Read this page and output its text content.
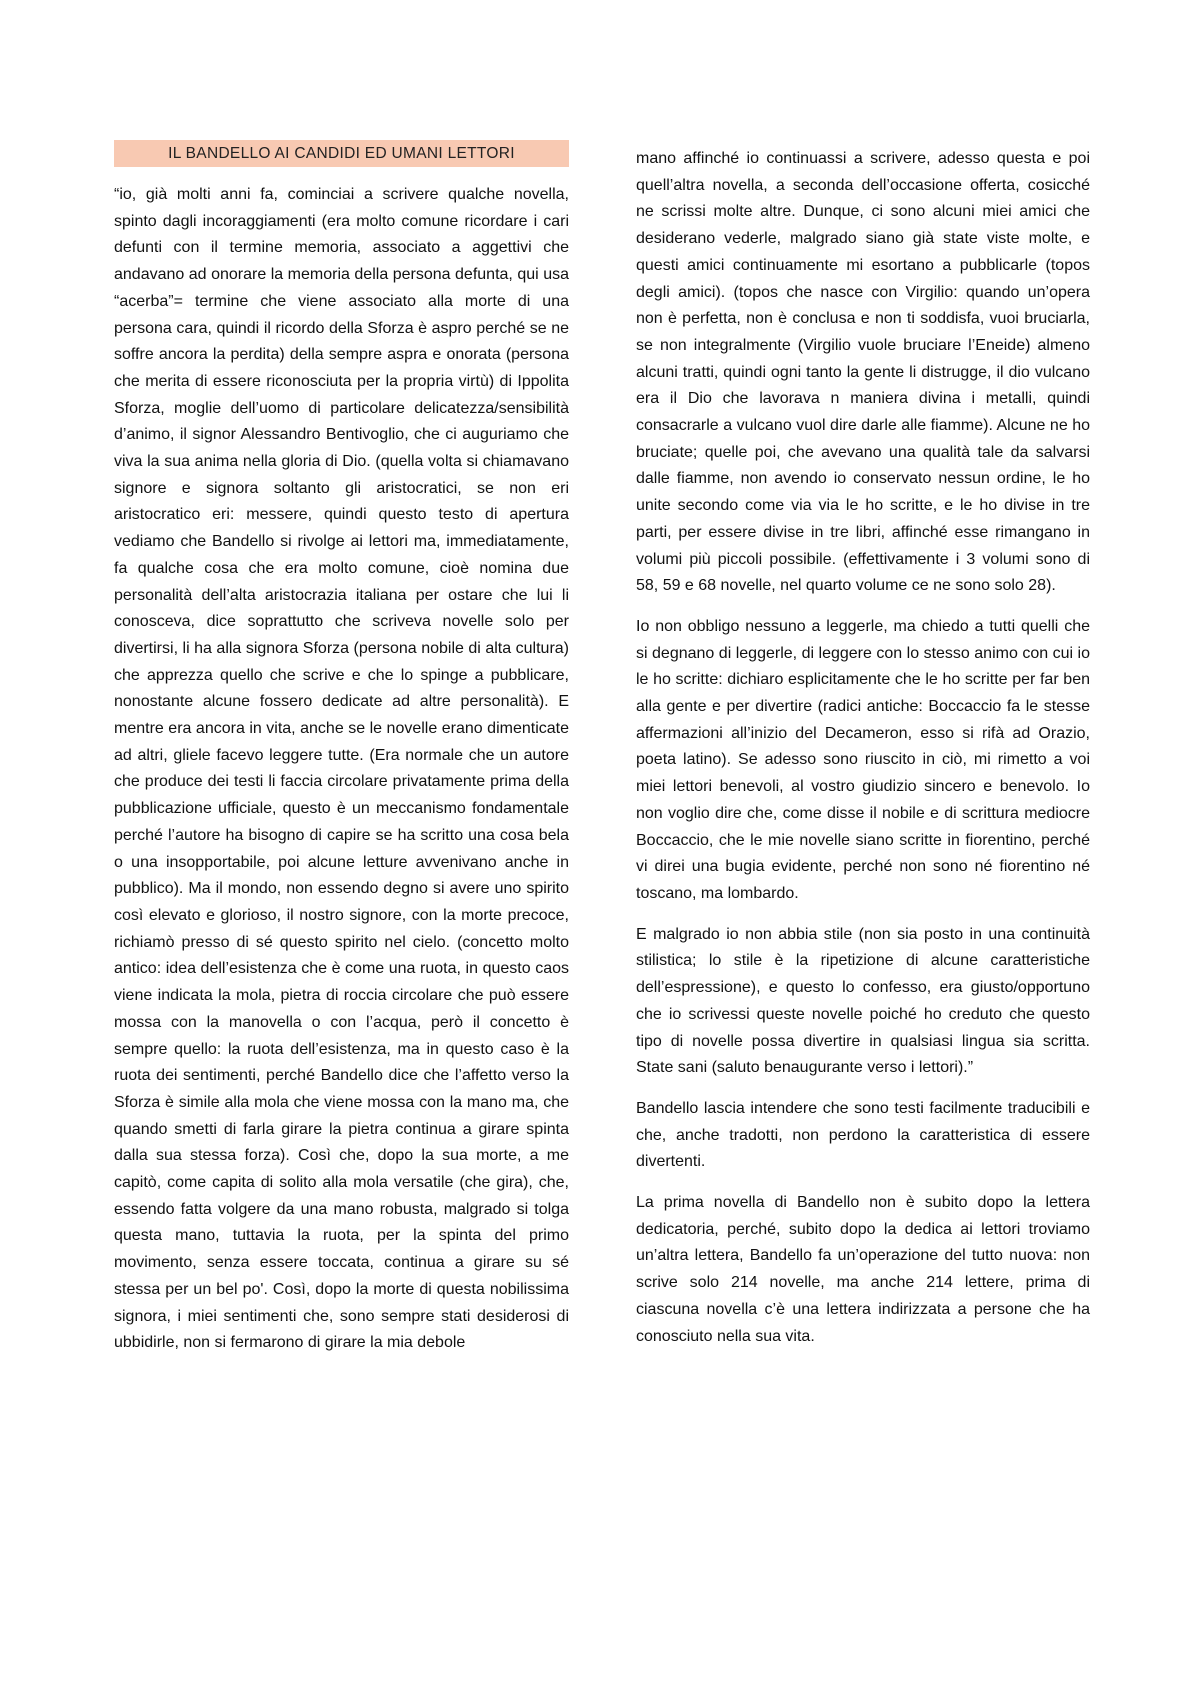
IL BANDELLO AI CANDIDI ED UMANI LETTORI

“io, già molti anni fa, cominciai a scrivere qualche novella, spinto dagli incoraggiamenti (era molto comune ricordare i cari defunti con il termine memoria, associato a aggettivi che andavano ad onorare la memoria della persona defunta, qui usa “acerba”= termine che viene associato alla morte di una persona cara, quindi il ricordo della Sforza è aspro perché se ne soffre ancora la perdita) della sempre aspra e onorata (persona che merita di essere riconosciuta per la propria virtù) di Ippolita Sforza, moglie dell’uomo di particolare delicatezza/sensibilità d’animo, il signor Alessandro Bentivoglio, che ci auguriamo che viva la sua anima nella gloria di Dio. (quella volta si chiamavano signore e signora soltanto gli aristocratici, se non eri aristocratico eri: messere, quindi questo testo di apertura vediamo che Bandello si rivolge ai lettori ma, immediatamente, fa qualche cosa che era molto comune, cioè nomina due personalità dell’alta aristocrazia italiana per ostare che lui li conosceva, dice soprattutto che scriveva novelle solo per divertirsi, li ha alla signora Sforza (persona nobile di alta cultura) che apprezza quello che scrive e che lo spinge a pubblicare, nonostante alcune fossero dedicate ad altre personalità). E mentre era ancora in vita, anche se le novelle erano dimenticate ad altri, gliele facevo leggere tutte. (Era normale che un autore che produce dei testi li faccia circolare privatamente prima della pubblicazione ufficiale, questo è un meccanismo fondamentale perché l’autore ha bisogno di capire se ha scritto una cosa bela o una insopportabile, poi alcune letture avvenivano anche in pubblico). Ma il mondo, non essendo degno si avere uno spirito così elevato e glorioso, il nostro signore, con la morte precoce, richiamò presso di sé questo spirito nel cielo. (concetto molto antico: idea dell’esistenza che è come una ruota, in questo caos viene indicata la mola, pietra di roccia circolare che può essere mossa con la manovella o con l’acqua, però il concetto è sempre quello: la ruota dell’esistenza, ma in questo caso è la ruota dei sentimenti, perché Bandello dice che l’affetto verso la Sforza è simile alla mola che viene mossa con la mano ma, che quando smetti di farla girare la pietra continua a girare spinta dalla sua stessa forza). Così che, dopo la sua morte, a me capitò, come capita di solito alla mola versatile (che gira), che, essendo fatta volgere da una mano robusta, malgrado si tolga questa mano, tuttavia la ruota, per la spinta del primo movimento, senza essere toccata, continua a girare su sé stessa per un bel po'. Così, dopo la morte di questa nobilissima signora, i miei sentimenti che, sono sempre stati desiderosi di ubbidirle, non si fermarono di girare la mia debole

mano affinché io continuassi a scrivere, adesso questa e poi quell’altra novella, a seconda dell’occasione offerta, cosicché ne scrissi molte altre. Dunque, ci sono alcuni miei amici che desiderano vederle, malgrado siano già state viste molte, e questi amici continuamente mi esortano a pubblicarle (topos degli amici). (topos che nasce con Virgilio: quando un’opera non è perfetta, non è conclusa e non ti soddisfa, vuoi bruciarla, se non integralmente (Virgilio vuole bruciare l’Eneide) almeno alcuni tratti, quindi ogni tanto la gente li distrugge, il dio vulcano era il Dio che lavorava n maniera divina i metalli, quindi consacrarle a vulcano vuol dire darle alle fiamme). Alcune ne ho bruciate; quelle poi, che avevano una qualità tale da salvarsi dalle fiamme, non avendo io conservato nessun ordine, le ho unite secondo come via via le ho scritte, e le ho divise in tre parti, per essere divise in tre libri, affinché esse rimangano in volumi più piccoli possibile. (effettivamente i 3 volumi sono di 58, 59 e 68 novelle, nel quarto volume ce ne sono solo 28).

Io non obbligo nessuno a leggerle, ma chiedo a tutti quelli che si degnano di leggerle, di leggere con lo stesso animo con cui io le ho scritte: dichiaro esplicitamente che le ho scritte per far ben alla gente e per divertire (radici antiche: Boccaccio fa le stesse affermazioni all’inizio del Decameron, esso si rifà ad Orazio, poeta latino). Se adesso sono riuscito in ciò, mi rimetto a voi miei lettori benevoli, al vostro giudizio sincero e benevolo. Io non voglio dire che, come disse il nobile e di scrittura mediocre Boccaccio, che le mie novelle siano scritte in fiorentino, perché vi direi una bugia evidente, perché non sono né fiorentino né toscano, ma lombardo.

E malgrado io non abbia stile (non sia posto in una continuità stilistica; lo stile è la ripetizione di alcune caratteristiche dell’espressione), e questo lo confesso, era giusto/opportuno che io scrivessi queste novelle poiché ho creduto che questo tipo di novelle possa divertire in qualsiasi lingua sia scritta. State sani (saluto benaugurante verso i lettori).”

Bandello lascia intendere che sono testi facilmente traducibili e che, anche tradotti, non perdono la caratteristica di essere divertenti.

La prima novella di Bandello non è subito dopo la lettera dedicatoria, perché, subito dopo la dedica ai lettori troviamo un’altra lettera, Bandello fa un’operazione del tutto nuova: non scrive solo 214 novelle, ma anche 214 lettere, prima di ciascuna novella c’è una lettera indirizzata a persone che ha conosciuto nella sua vita.
